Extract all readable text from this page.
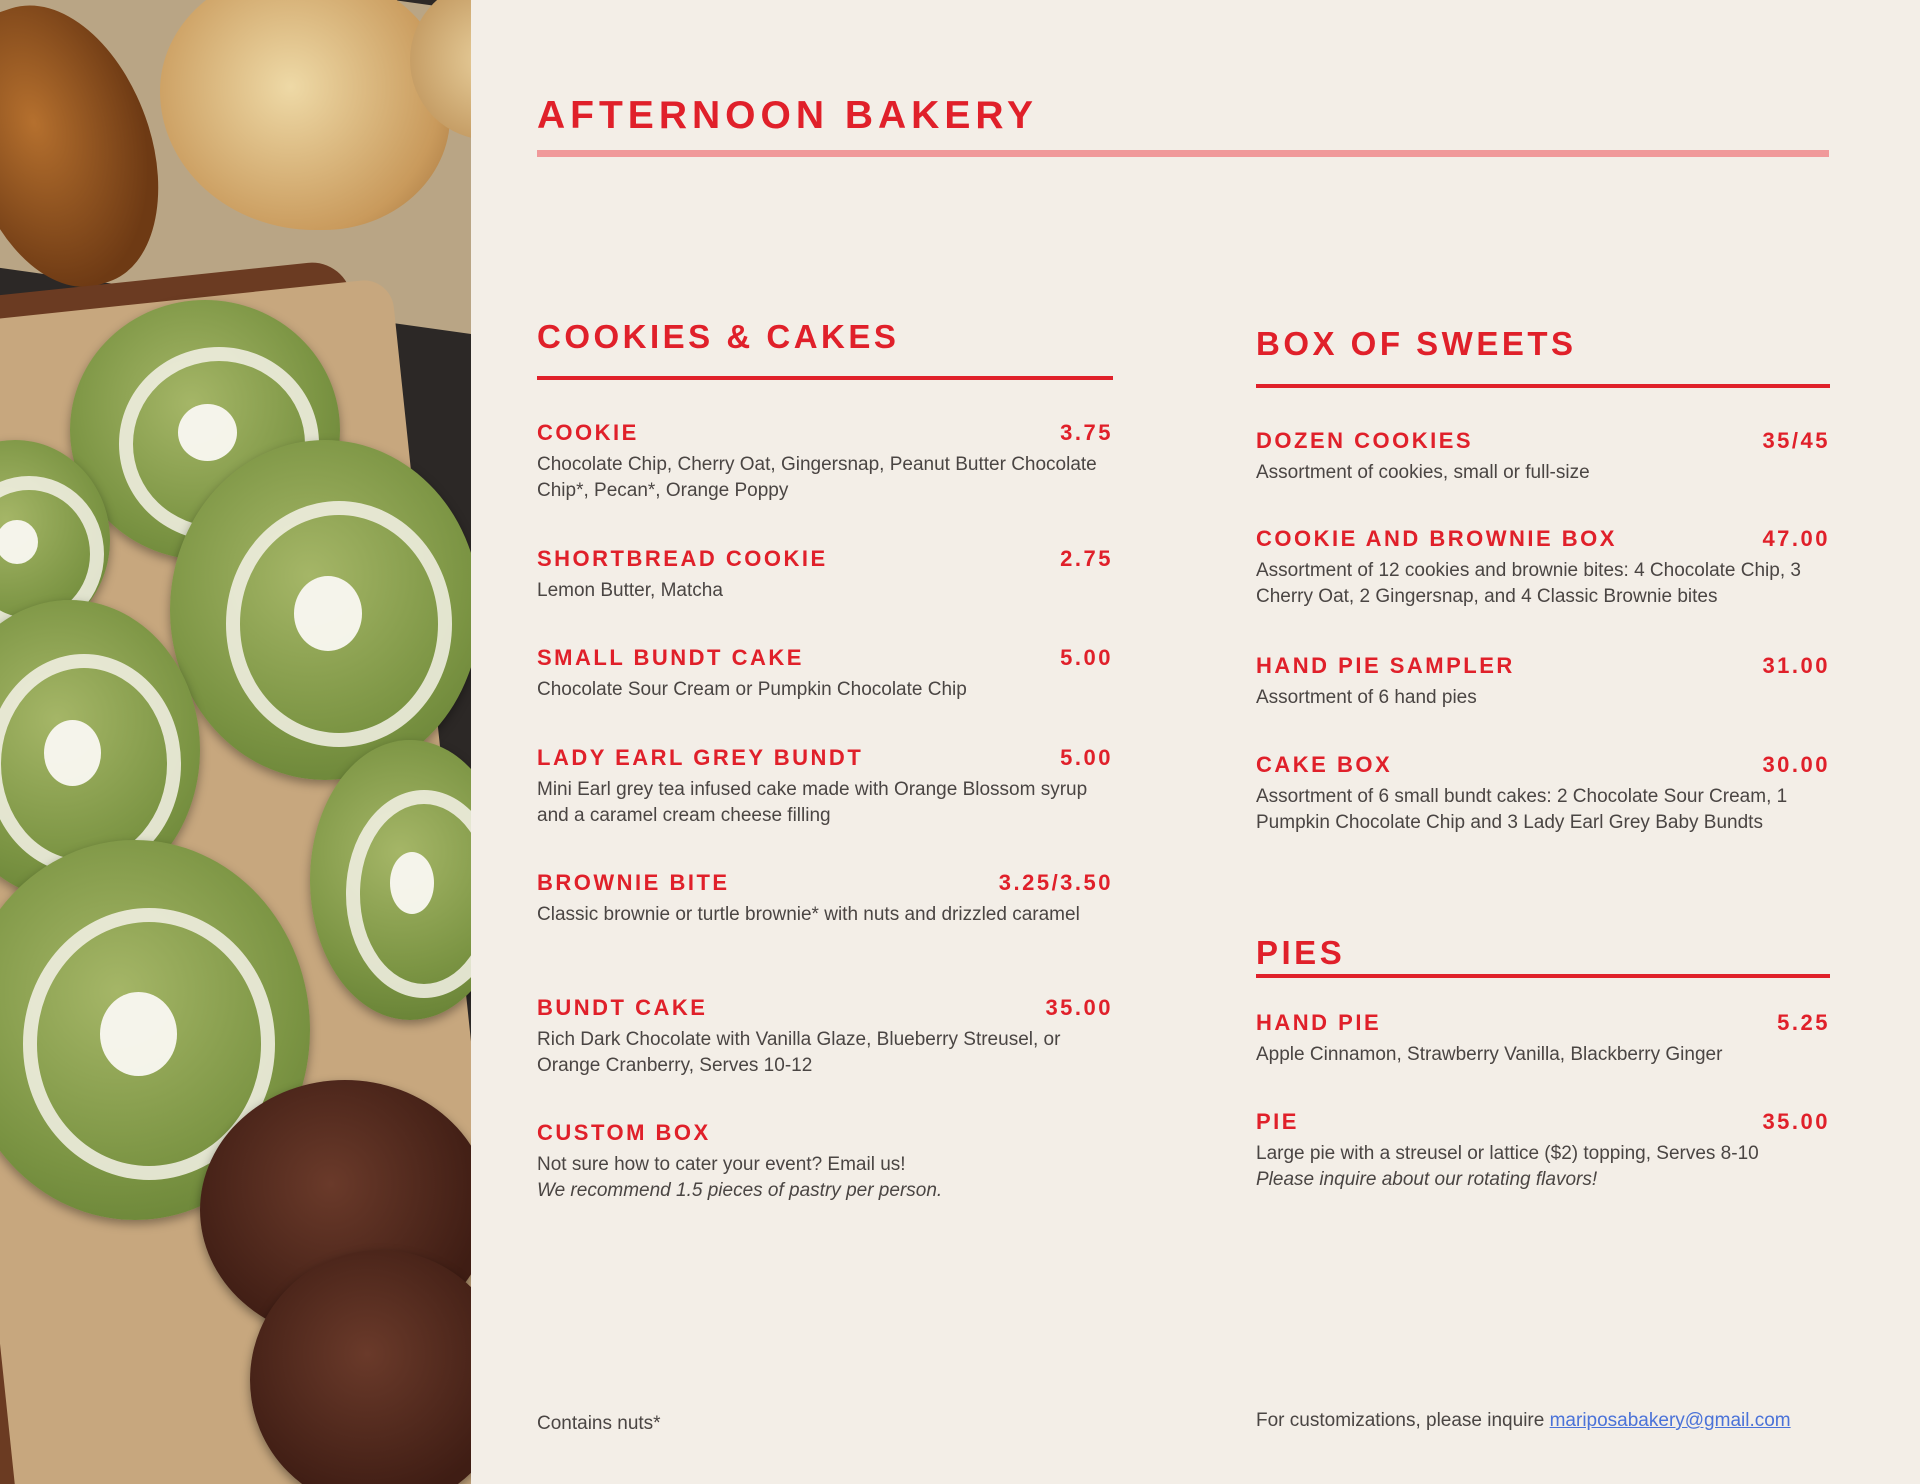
AFTERNOON BAKERY
COOKIES & CAKES
COOKIE	3.75
Chocolate Chip, Cherry Oat, Gingersnap, Peanut Butter Chocolate Chip*, Pecan*, Orange Poppy
SHORTBREAD COOKIE	2.75
Lemon Butter, Matcha
SMALL BUNDT CAKE	5.00
Chocolate Sour Cream or Pumpkin Chocolate Chip
LADY EARL GREY BUNDT	5.00
Mini Earl grey tea infused cake made with Orange Blossom syrup and a caramel cream cheese filling
BROWNIE BITE	3.25/3.50
Classic brownie or turtle brownie* with nuts and drizzled caramel
BUNDT CAKE	35.00
Rich Dark Chocolate with Vanilla Glaze, Blueberry Streusel, or Orange Cranberry, Serves 10-12
CUSTOM BOX
Not sure how to cater your event? Email us!
We recommend 1.5 pieces of pastry per person.
Contains nuts*
BOX OF SWEETS
DOZEN COOKIES	35/45
Assortment of cookies, small or full-size
COOKIE AND BROWNIE BOX	47.00
Assortment of 12 cookies and brownie bites: 4 Chocolate Chip, 3 Cherry Oat, 2 Gingersnap, and 4 Classic Brownie bites
HAND PIE SAMPLER	31.00
Assortment of 6 hand pies
CAKE BOX	30.00
Assortment of 6 small bundt cakes: 2 Chocolate Sour Cream, 1 Pumpkin Chocolate Chip and 3 Lady Earl Grey Baby Bundts
PIES
HAND PIE	5.25
Apple Cinnamon, Strawberry Vanilla, Blackberry Ginger
PIE	35.00
Large pie with a streusel or lattice ($2) topping, Serves 8-10
Please inquire about our rotating flavors!
For customizations, please inquire mariposabakery@gmail.com
